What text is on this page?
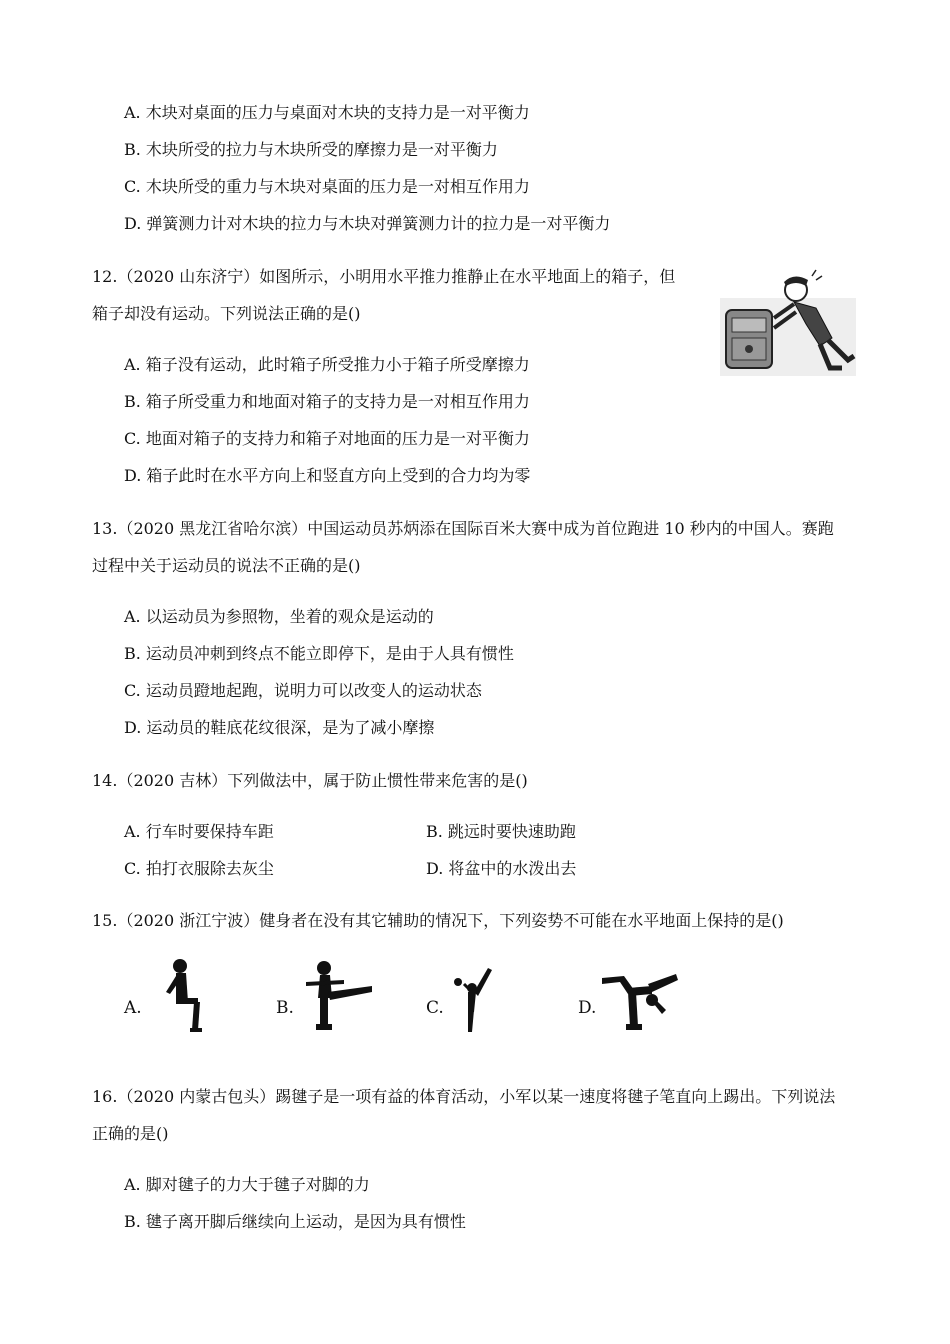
A. 木块对桌面的压力与桌面对木块的支持力是一对平衡力
B. 木块所受的拉力与木块所受的摩擦力是一对平衡力
C. 木块所受的重力与木块对桌面的压力是一对相互作用力
D. 弹簧测力计对木块的拉力与木块对弹簧测力计的拉力是一对平衡力
12.（2020 山东济宁）如图所示，小明用水平推力推静止在水平地面上的箱子，但
箱子却没有运动。下列说法正确的是()
A. 箱子没有运动，此时箱子所受推力小于箱子所受摩擦力
B. 箱子所受重力和地面对箱子的支持力是一对相互作用力
C. 地面对箱子的支持力和箱子对地面的压力是一对平衡力
D. 箱子此时在水平方向上和竖直方向上受到的合力均为零
13.（2020 黑龙江省哈尔滨）中国运动员苏炳添在国际百米大赛中成为首位跑进 10 秒内的中国人。赛跑
过程中关于运动员的说法不正确的是()
A. 以运动员为参照物，坐着的观众是运动的
B. 运动员冲刺到终点不能立即停下，是由于人具有惯性
C. 运动员蹬地起跑，说明力可以改变人的运动状态
D. 运动员的鞋底花纹很深，是为了减小摩擦
14.（2020 吉林）下列做法中，属于防止惯性带来危害的是()
A. 行车时要保持车距	B. 跳远时要快速助跑
C. 拍打衣服除去灰尘	D. 将盆中的水泼出去
15.（2020 浙江宁波）健身者在没有其它辅助的情况下，下列姿势不可能在水平地面上保持的是()
A.	B.	C.	D.
16.（2020 内蒙古包头）踢毽子是一项有益的体育活动，小军以某一速度将毽子笔直向上踢出。下列说法
正确的是()
A. 脚对毽子的力大于毽子对脚的力
B. 毽子离开脚后继续向上运动，是因为具有惯性
